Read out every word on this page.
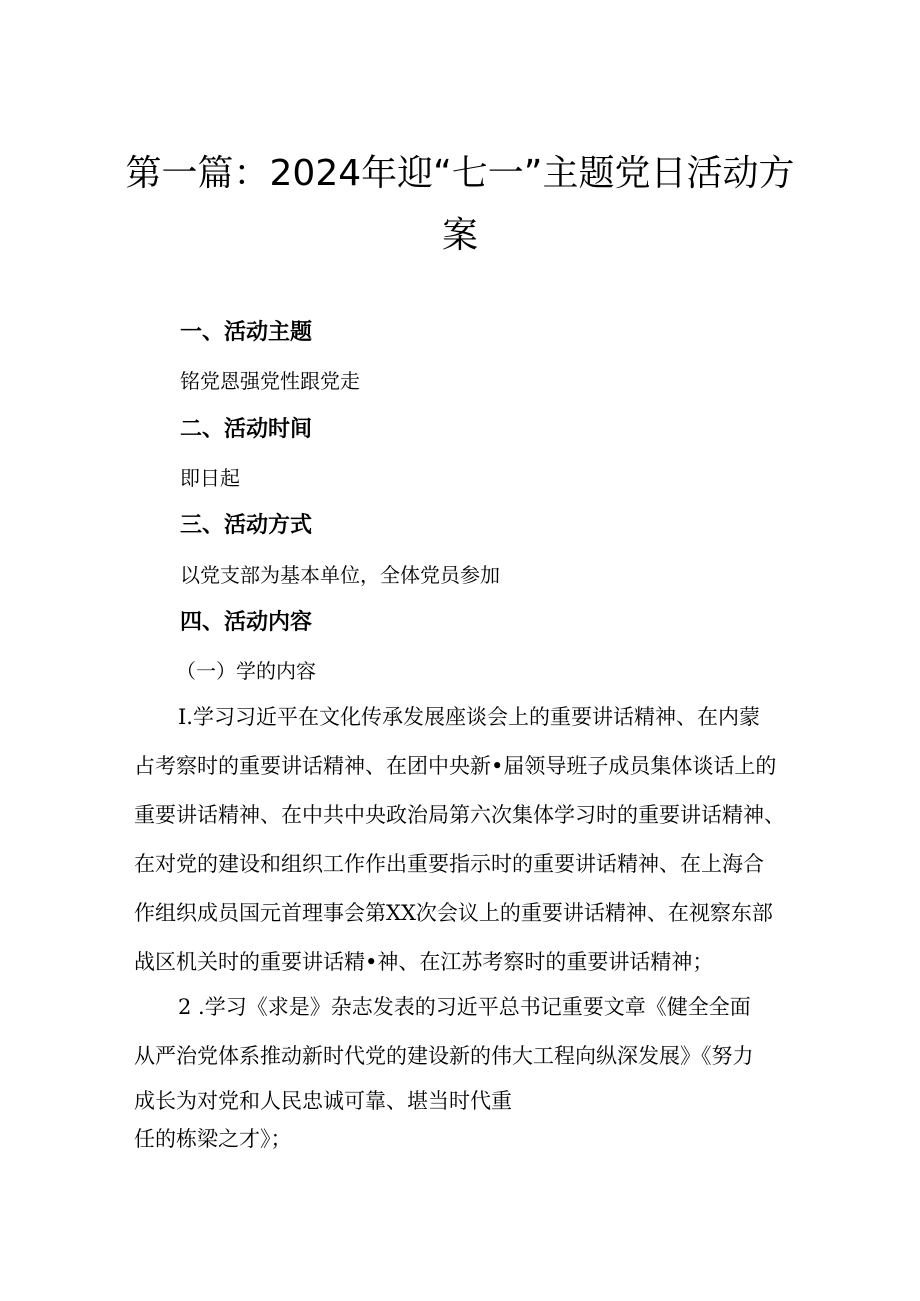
第一篇：2024年迎“七一”主题党日活动方
案
一、活动主题

铭党恩强党性跟党走

二、活动时间

即日起

三、活动方式

以党支部为基本单位，全体党员参加

四、活动内容

（一）学的内容

I.学习习近平在文化传承发展座谈会上的重要讲话精神、在内蒙
占考察时的重要讲话精神、在团中央新•届领导班子成员集体谈话上的
重要讲话精神、在中共中央政治局第六次集体学习时的重要讲话精神、
在对党的建设和组织工作作出重要指示时的重要讲话精神、在上海合
作组织成员国元首理事会第XX次会议上的重要讲话精神、在视察东部
战区机关时的重要讲话精•神、在江苏考察时的重要讲话精神；
2 .学习《求是》杂志发表的习近平总书记重要文章《健全全面
从严治党体系推动新时代党的建设新的伟大工程向纵深发展》《努力
成长为对党和人民忠诚可靠、堪当时代重
任的栋梁之才》；
